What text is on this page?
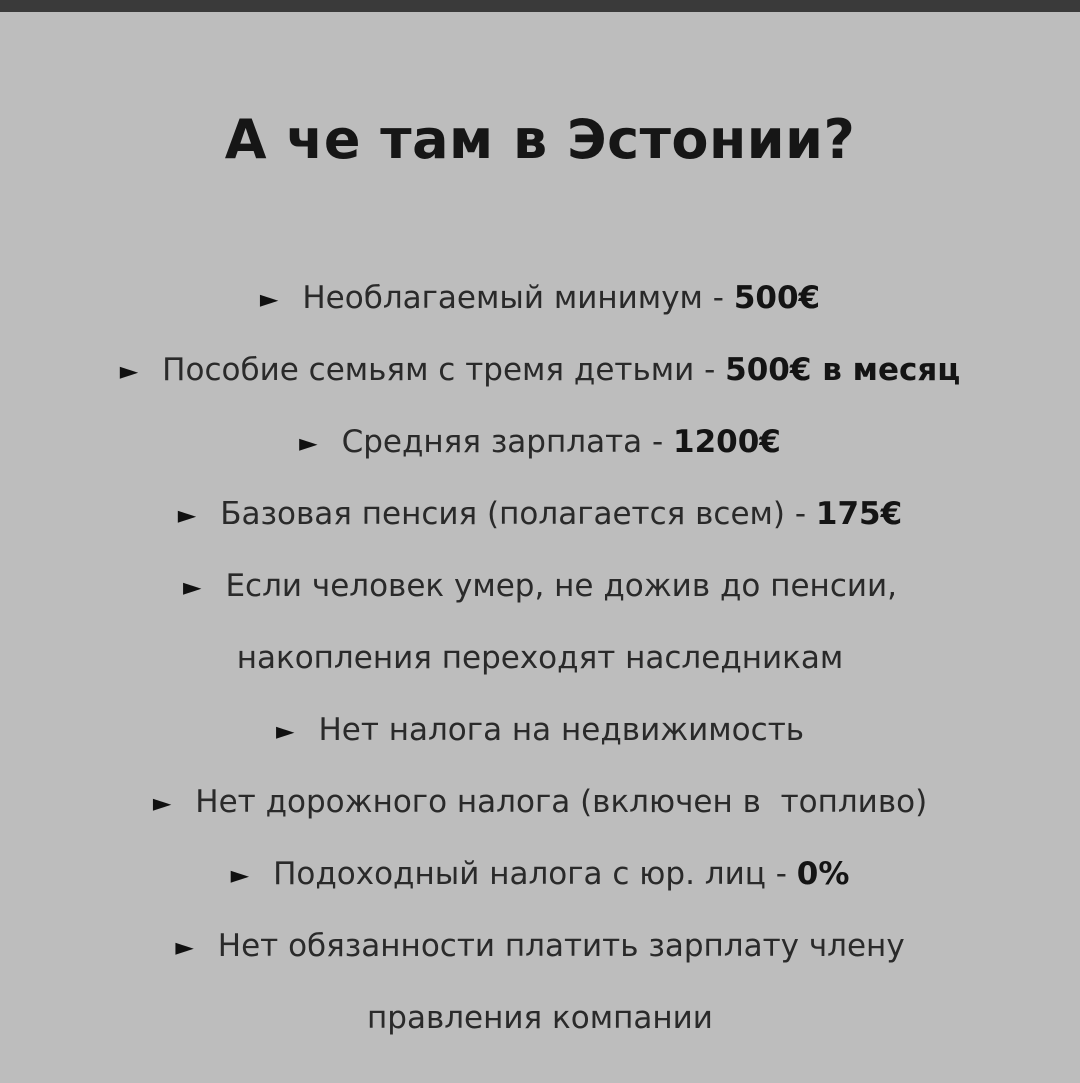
А че там в Эстонии?
► Необлагаемый минимум - 500€
► Пособие семьям с тремя детьми - 500€ в месяц
► Средняя зарплата - 1200€
► Базовая пенсия (полагается всем) - 175€
► Если человек умер, не дожив до пенсии,
накопления переходят наследникам
► Нет налога на недвижимость
► Нет дорожного налога (включен в  топливо)
► Подоходный налога с юр. лиц - 0%
► Нет обязанности платить зарплату члену
правления компании
